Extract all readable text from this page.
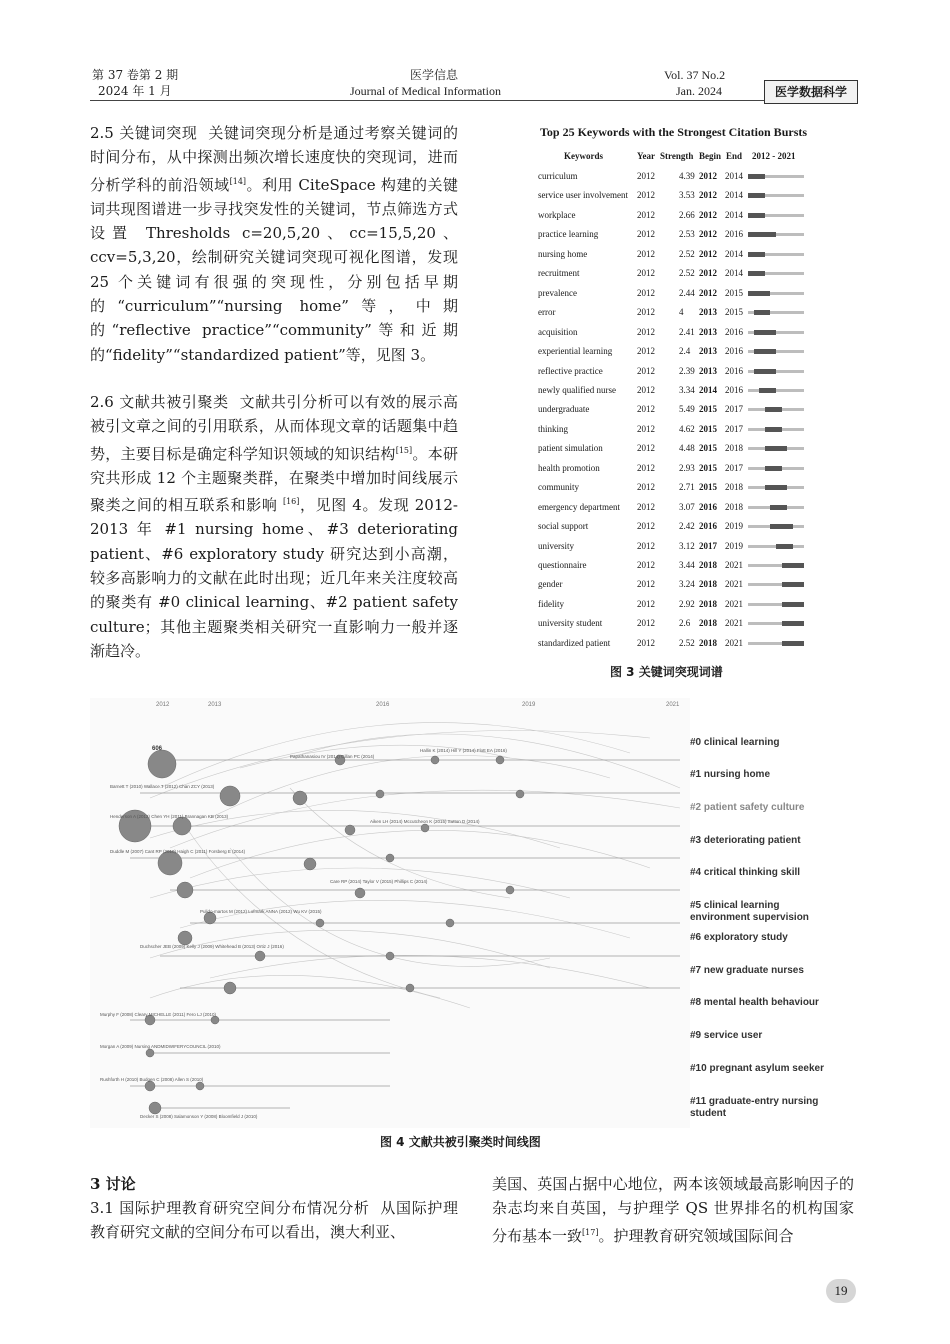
第 37 卷第 2 期
2024 年 1 月
医学信息
Journal of Medical Information
Vol. 37 No.2
Jan. 2024	医学数据科学

2.5 关键词突现 关键词突现分析是通过考察关键词的时间分布，从中探测出频次增长速度快的突现词，进而分析学科的前沿领域[14]。利用 CiteSpace 构建的关键词共现图谱进一步寻找突发性的关键词，节点筛选方式设置 Thresholds c=20,5,20、cc=15,5,20、ccv=5,3,20，绘制研究关键词突现可视化图谱，发现 25 个关键词有很强的突现性，分别包括早期的“curriculum”“nursing home”等，中期的“reflective practice”“community”等和近期的“fidelity”“standardized patient”等，见图 3。

2.6 文献共被引聚类 文献共引分析可以有效的展示高被引文章之间的引用联系，从而体现文章的话题集中趋势，主要目标是确定科学知识领域的知识结构[15]。本研究共形成 12 个主题聚类群，在聚类中增加时间线展示聚类之间的相互联系和影响 [16]，见图 4。发现 2012-2013 年 #1 nursing home、#3 deteriorating patient、#6 exploratory study 研究达到小高潮，较多高影响力的文献在此时出现；近几年来关注度较高的聚类有 #0 clinical learning、#2 patient safety culture；其他主题聚类相关研究一直影响力一般并逐渐趋冷。

Top 25 Keywords with the Strongest Citation Bursts
Keywords	Year Strength Begin End 2012 - 2021
curriculum	2012	4.39 2012 2014
service user involvement 2012	3.53 2012 2014
workplace	2012	2.66 2012 2014
practice learning	2012	2.53 2012 2016
nursing home	2012	2.52 2012 2014
recruitment	2012	2.52 2012 2014
prevalence	2012	2.44 2012 2015
error	2012	4 2013 2015
acquisition	2012	2.41 2013 2016
experiential learning	2012	2.4 2013 2016
reflective practice	2012	2.39 2013 2016
newly qualified nurse 2012	3.34 2014 2016
undergraduate	2012	5.49 2015 2017
thinking	2012	4.62 2015 2017
patient simulation	2012	4.48 2015 2018
health promotion	2012	2.93 2015 2017
community	2012	2.71 2015 2018
emergency department 2012	3.07 2016 2018
social support	2012	2.42 2016 2019
university	2012	3.12 2017 2019
questionnaire	2012	3.44 2018 2021
gender	2012	3.24 2018 2021
fidelity	2012	2.92 2018 2021
university student	2012	2.6 2018 2021
standardized patient	2012	2.52 2018 2021
图 3 关键词突现词谱
Papathanasiou IV (2014) Gillan PC (2014)
Hallin K (2014) Hill Y (2014) Flott EA (2016)
Barnett T (2010) Wallace T (2012) Chan ZCY (2013)
Henderson A (2012) Chen YH (2011) Brannagan KB (2013)
Aiken LH (2014) Mccutcheon K (2015) Sutton D (2014)
Duddle M (2007) Cant RP (2010) Haigh C (2011) Forsberg E (2014)
Care RP (2014) Taylor V (2015) Phillips C (2014)
Pulido-martos M (2012) Lofmark ANNA (2012) Wu KV (2015)
Duchscher JEB (2009) Kelly J (2009) Whitehead B (2013) Ortiz J (2016)
Murphy F (2008) Cleary MICHELLE (2011) Fero LJ (2010)
Morgan A (2009) Nursing ANDMIDWIFERYCOUNCIL (2010)
Rushforth H (2010) Budgen C (2008) Allen S (2010)
Decker S (2008) Salamonson Y (2008) Bloomfield J (2010)
606
2012	2013	2016	2019	2021
#0 clinical learning
#1 nursing home
#2 patient safety culture
#3 deteriorating patient
#4 critical thinking skill
#5 clinical learning environment supervision
#6 exploratory study
#7 new graduate nurses
#8 mental health behaviour
#9 service user
#10 pregnant asylum seeker
#11 graduate-entry nursing student
图 4 文献共被引聚类时间线图
3 讨论

3.1 国际护理教育研究空间分布情况分析 从国际护理教育研究文献的空间分布可以看出，澳大利亚、

美国、英国占据中心地位，两本该领域最高影响因子的杂志均来自英国，与护理学 QS 世界排名的机构国家分布基本一致[17]。护理教育研究领域国际间合

19
